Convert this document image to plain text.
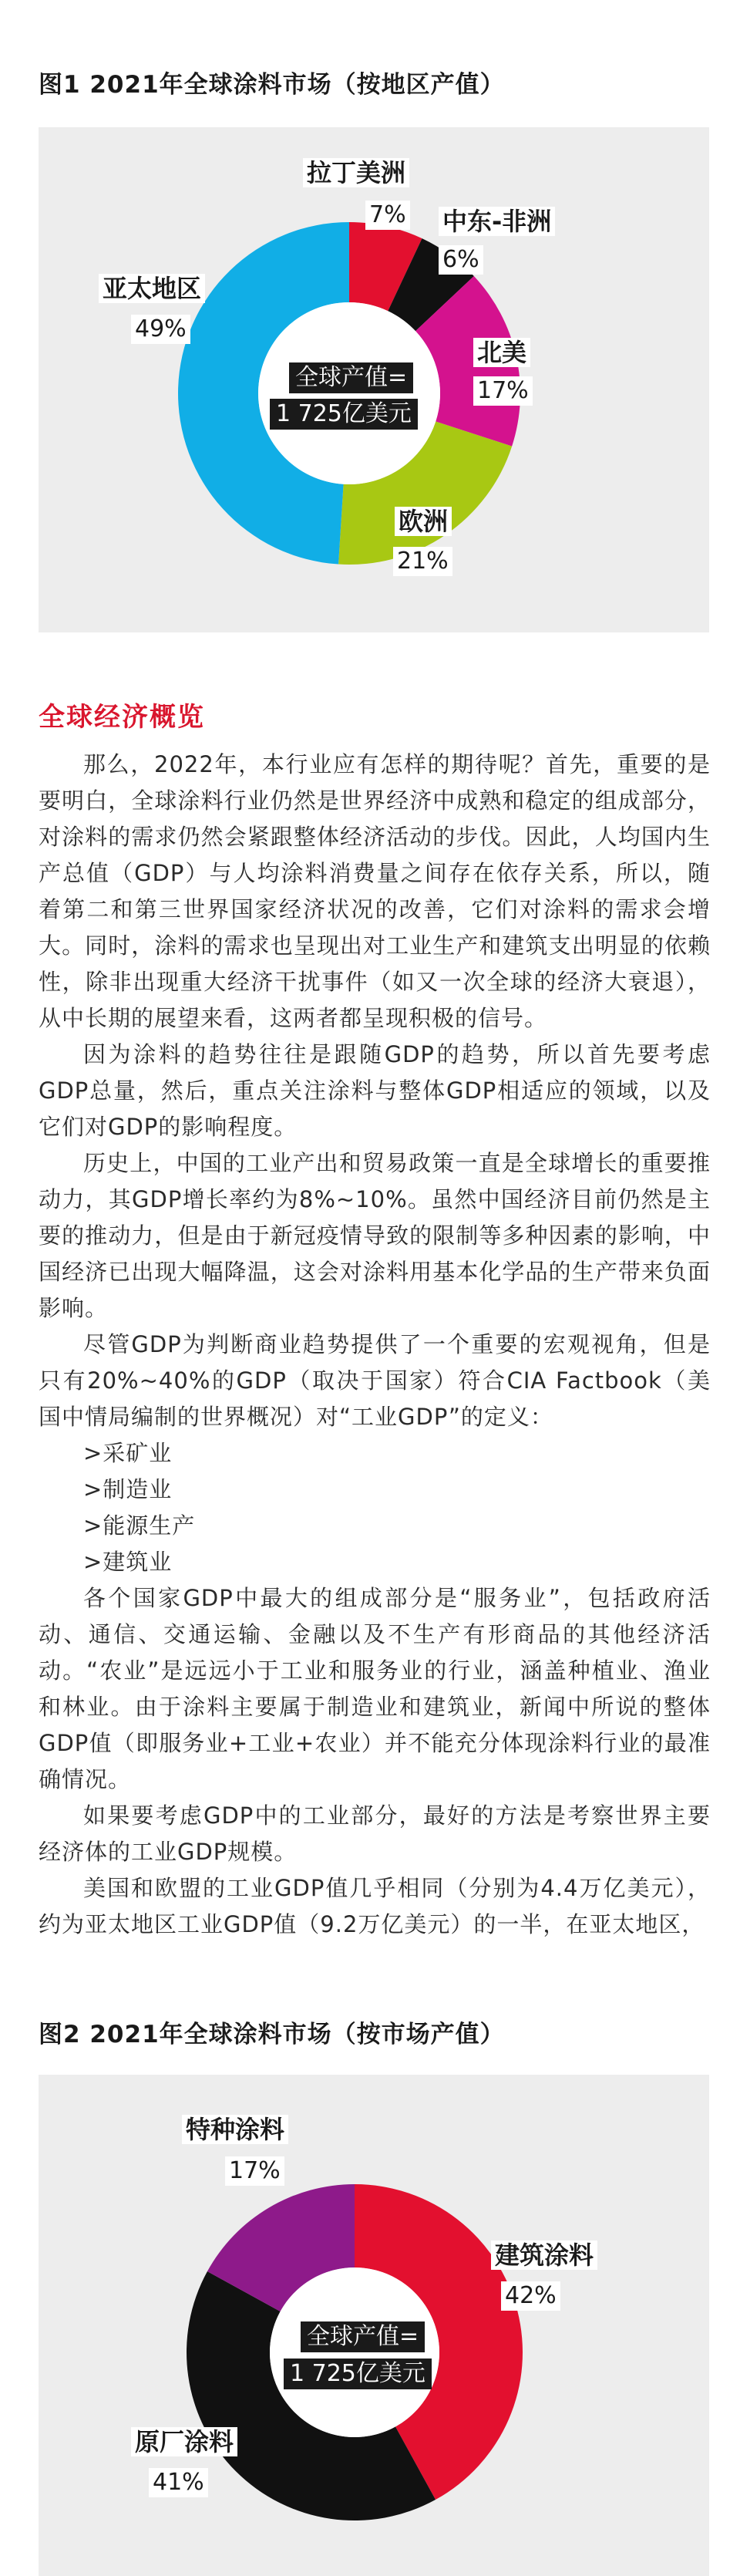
图1 2021年全球涂料市场（按地区产值）
全球产值=
1 725亿美元
拉丁美洲
7% 中东-非洲
6%
北美
17%
欧洲
21%
亚太地区
49%
全球经济概览

那么，2022年，本行业应有怎样的期待呢？首先，重要的是要明白，全球涂料行业仍然是世界经济中成熟和稳定的组成部分，对涂料的需求仍然会紧跟整体经济活动的步伐。因此，人均国内生产总值（GDP）与人均涂料消费量之间存在依存关系，所以，随着第二和第三世界国家经济状况的改善，它们对涂料的需求会增大。同时，涂料的需求也呈现出对工业生产和建筑支出明显的依赖性，除非出现重大经济干扰事件（如又一次全球的经济大衰退），从中长期的展望来看，这两者都呈现积极的信号。

因为涂料的趋势往往是跟随GDP的趋势，所以首先要考虑GDP总量，然后，重点关注涂料与整体GDP相适应的领域，以及它们对GDP的影响程度。

历史上，中国的工业产出和贸易政策一直是全球增长的重要推动力，其GDP增长率约为8%~10%。虽然中国经济目前仍然是主要的推动力，但是由于新冠疫情导致的限制等多种因素的影响，中国经济已出现大幅降温，这会对涂料用基本化学品的生产带来负面影响。

尽管GDP为判断商业趋势提供了一个重要的宏观视角，但是只有20%~40%的GDP（取决于国家）符合CIA Factbook（美国中情局编制的世界概况）对“工业GDP”的定义：

>采矿业

>制造业

>能源生产

>建筑业

各个国家GDP中最大的组成部分是“服务业”，包括政府活动、通信、交通运输、金融以及不生产有形商品的其他经济活动。“农业”是远远小于工业和服务业的行业，涵盖种植业、渔业和林业。由于涂料主要属于制造业和建筑业，新闻中所说的整体GDP值（即服务业+工业+农业）并不能充分体现涂料行业的最准确情况。

如果要考虑GDP中的工业部分，最好的方法是考察世界主要经济体的工业GDP规模。

美国和欧盟的工业GDP值几乎相同（分别为4.4万亿美元），约为亚太地区工业GDP值（9.2万亿美元）的一半，在亚太地区，

图2 2021年全球涂料市场（按市场产值）
全球产值=
1 725亿美元
建筑涂料
42%
原厂涂料
41%
特种涂料
17%
